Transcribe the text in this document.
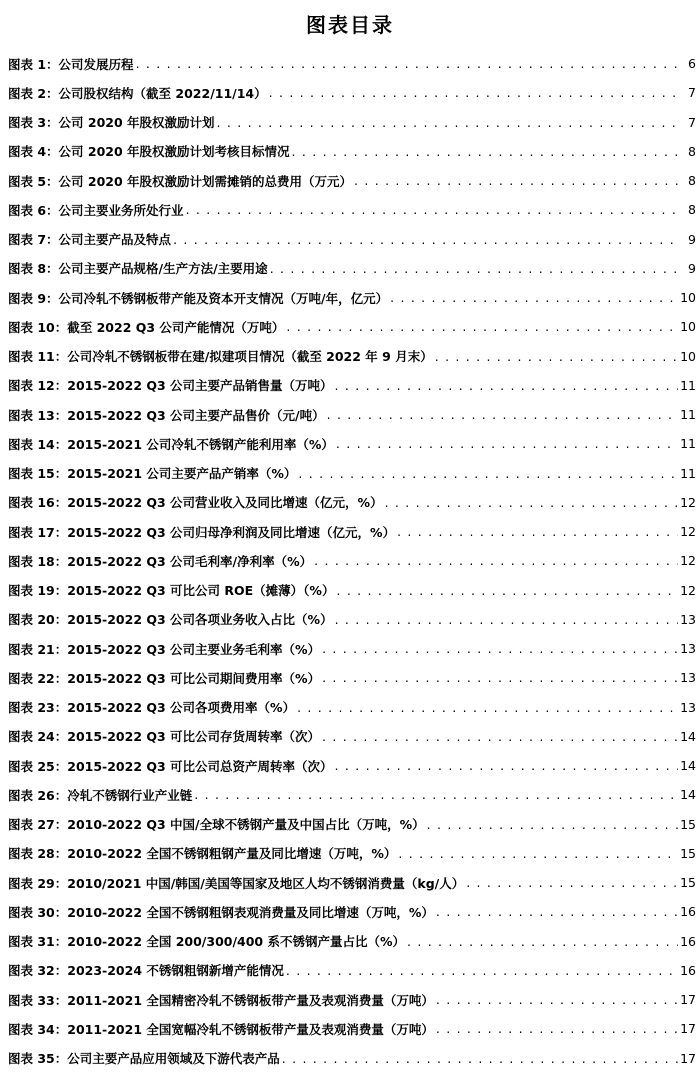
图表目录
图表 1：公司发展历程 . . .	6
图表 2：公司股权结构（截至 2022/11/14） . . .	7
图表 3：公司 2020 年股权激励计划 . . .	7
图表 4：公司 2020 年股权激励计划考核目标情况 . . .	8
图表 5：公司 2020 年股权激励计划需摊销的总费用（万元） . . .	8
图表 6：公司主要业务所处行业 . . .	8
图表 7：公司主要产品及特点 . . .	9
图表 8：公司主要产品规格/生产方法/主要用途 . . .	9
图表 9：公司冷轧不锈钢板带产能及资本开支情况（万吨/年，亿元） . . .	10
图表 10：截至 2022 Q3 公司产能情况（万吨） . . .	10
图表 11：公司冷轧不锈钢板带在建/拟建项目情况（截至 2022 年 9 月末） . . .	10
图表 12：2015-2022 Q3 公司主要产品销售量（万吨） . . .	11
图表 13：2015-2022 Q3 公司主要产品售价（元/吨） . . .	11
图表 14：2015-2021 公司冷轧不锈钢产能利用率（%） . . .	11
图表 15：2015-2021 公司主要产品产销率（%） . . .	11
图表 16：2015-2022 Q3 公司营业收入及同比增速（亿元，%） . . .	12
图表 17：2015-2022 Q3 公司归母净利润及同比增速（亿元，%） . . .	12
图表 18：2015-2022 Q3 公司毛利率/净利率（%） . . .	12
图表 19：2015-2022 Q3 可比公司 ROE（摊薄）（%） . . .	12
图表 20：2015-2022 Q3 公司各项业务收入占比（%） . . .	13
图表 21：2015-2022 Q3 公司主要业务毛利率（%） . . .	13
图表 22：2015-2022 Q3 可比公司期间费用率（%） . . .	13
图表 23：2015-2022 Q3 公司各项费用率（%） . . .	13
图表 24：2015-2022 Q3 可比公司存货周转率（次） . . .	14
图表 25：2015-2022 Q3 可比公司总资产周转率（次） . . .	14
图表 26：冷轧不锈钢行业产业链 . . .	14
图表 27：2010-2022 Q3 中国/全球不锈钢产量及中国占比（万吨，%） . . .	15
图表 28：2010-2022 全国不锈钢粗钢产量及同比增速（万吨，%） . . .	15
图表 29：2010/2021 中国/韩国/美国等国家及地区人均不锈钢消费量（kg/人） . . .	15
图表 30：2010-2022 全国不锈钢粗钢表观消费量及同比增速（万吨，%） . . .	16
图表 31：2010-2022 全国 200/300/400 系不锈钢产量占比（%） . . .	16
图表 32：2023-2024 不锈钢粗钢新增产能情况 . . .	16
图表 33：2011-2021 全国精密冷轧不锈钢板带产量及表观消费量（万吨） . . .	17
图表 34：2011-2021 全国宽幅冷轧不锈钢板带产量及表观消费量（万吨） . . .	17
图表 35：公司主要产品应用领域及下游代表产品 . . .	17
